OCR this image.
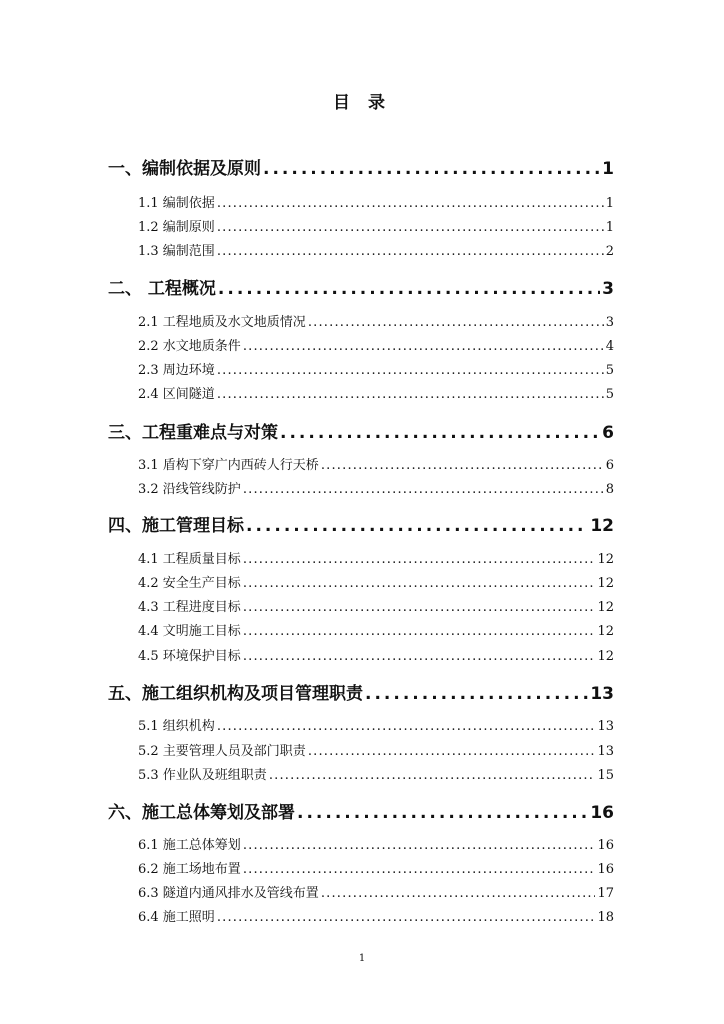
目 录
一、编制依据及原则 .....	1
1.1 编制依据 .....	1
1.2 编制原则 .....	1
1.3 编制范围 .....	2
二、 工程概况 .....	3
2.1 工程地质及水文地质情况 .....	3
2.2 水文地质条件 .....	4
2.3 周边环境 .....	5
2.4 区间隧道 .....	5
三、工程重难点与对策 .....	6
3.1 盾构下穿广内西砖人行天桥 .....	6
3.2 沿线管线防护 .....	8
四、施工管理目标 .....	12
4.1 工程质量目标 .....	12
4.2 安全生产目标 .....	12
4.3 工程进度目标 .....	12
4.4 文明施工目标 .....	12
4.5 环境保护目标 .....	12
五、施工组织机构及项目管理职责 .....	13
5.1 组织机构 .....	13
5.2 主要管理人员及部门职责 .....	13
5.3 作业队及班组职责 .....	15
六、施工总体筹划及部署 .....	16
6.1 施工总体筹划 .....	16
6.2 施工场地布置 .....	16
6.3 隧道内通风排水及管线布置 .....	17
6.4 施工照明 .....	18
1
